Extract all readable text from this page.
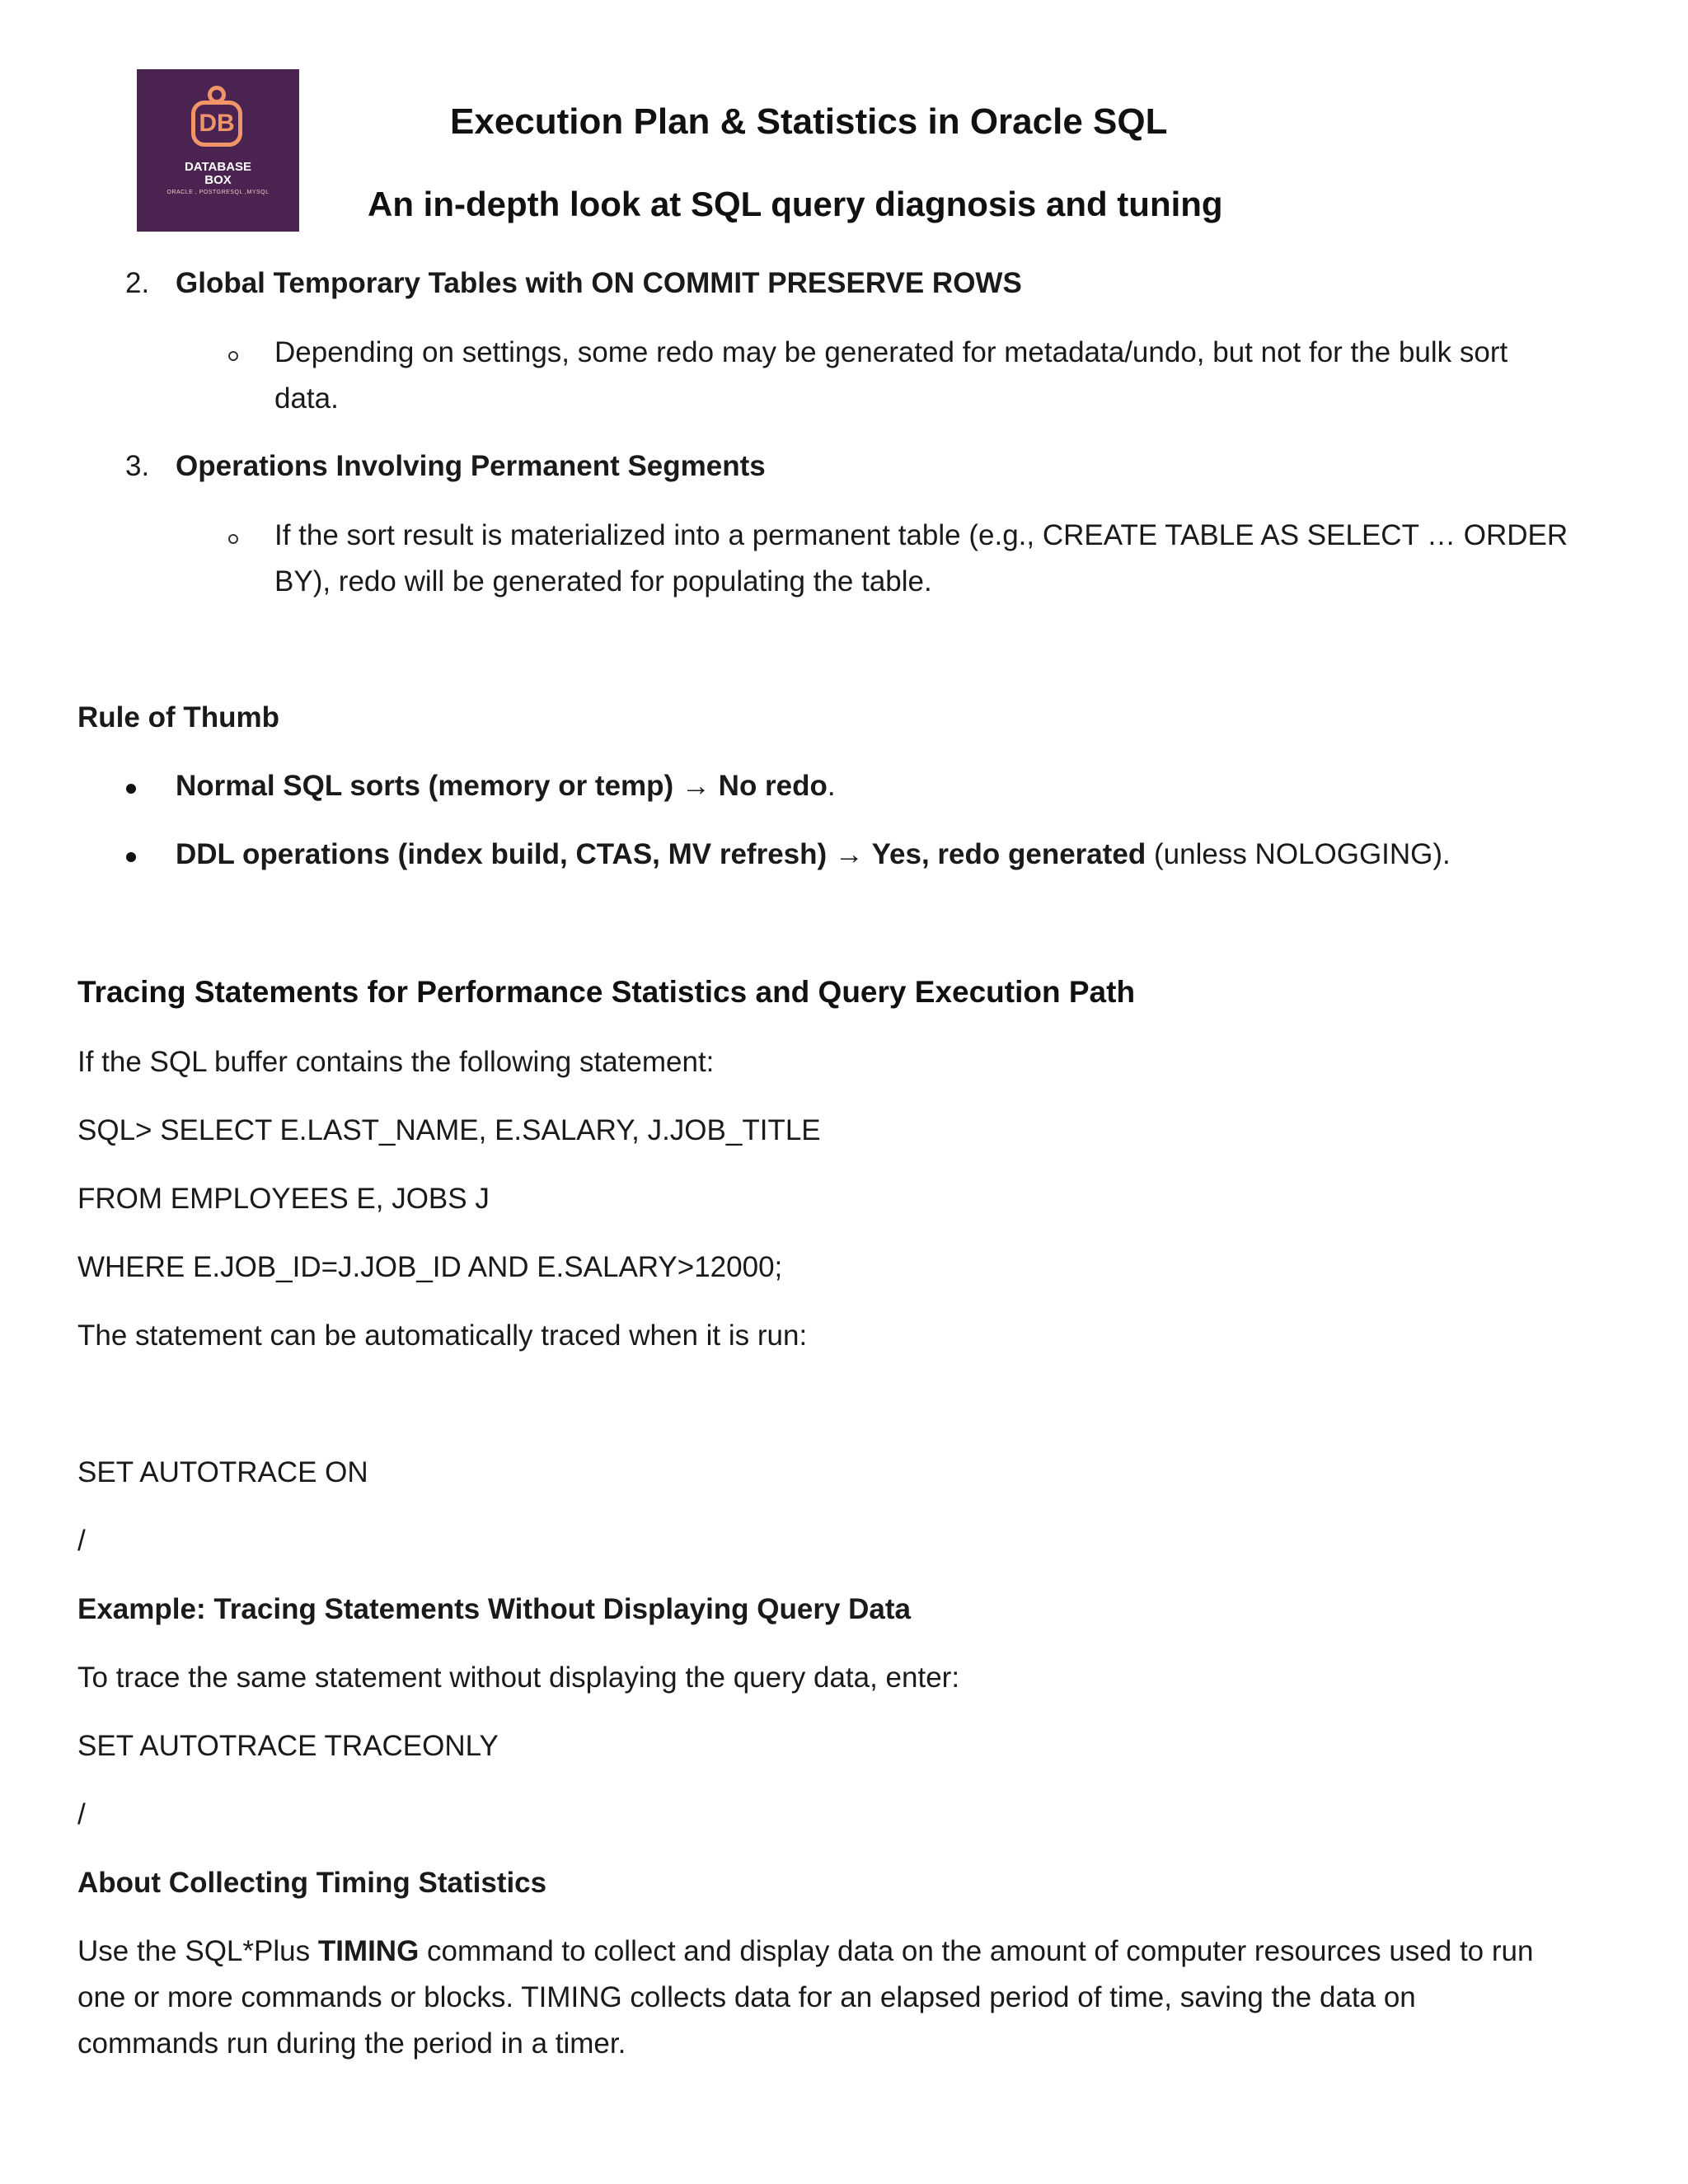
DB
DATABASE
BOX
ORACLE , POSTGRESQL ,MYSQL
Execution Plan & Statistics in Oracle SQL
An in-depth look at SQL query diagnosis and tuning
2. Global Temporary Tables with ON COMMIT PRESERVE ROWS
Depending on settings, some redo may be generated for metadata/undo, but not for the bulk sort
data.
3. Operations Involving Permanent Segments
If the sort result is materialized into a permanent table (e.g., CREATE TABLE AS SELECT … ORDER
BY), redo will be generated for populating the table.
Rule of Thumb
Normal SQL sorts (memory or temp) → No redo.
DDL operations (index build, CTAS, MV refresh) → Yes, redo generated (unless NOLOGGING).
Tracing Statements for Performance Statistics and Query Execution Path
If the SQL buffer contains the following statement:
SQL> SELECT E.LAST_NAME, E.SALARY, J.JOB_TITLE
FROM EMPLOYEES E, JOBS J
WHERE E.JOB_ID=J.JOB_ID AND E.SALARY>12000;
The statement can be automatically traced when it is run:
SET AUTOTRACE ON
/
Example: Tracing Statements Without Displaying Query Data
To trace the same statement without displaying the query data, enter:
SET AUTOTRACE TRACEONLY
/
About Collecting Timing Statistics
Use the SQL*Plus TIMING command to collect and display data on the amount of computer resources used to run
one or more commands or blocks. TIMING collects data for an elapsed period of time, saving the data on
commands run during the period in a timer.
